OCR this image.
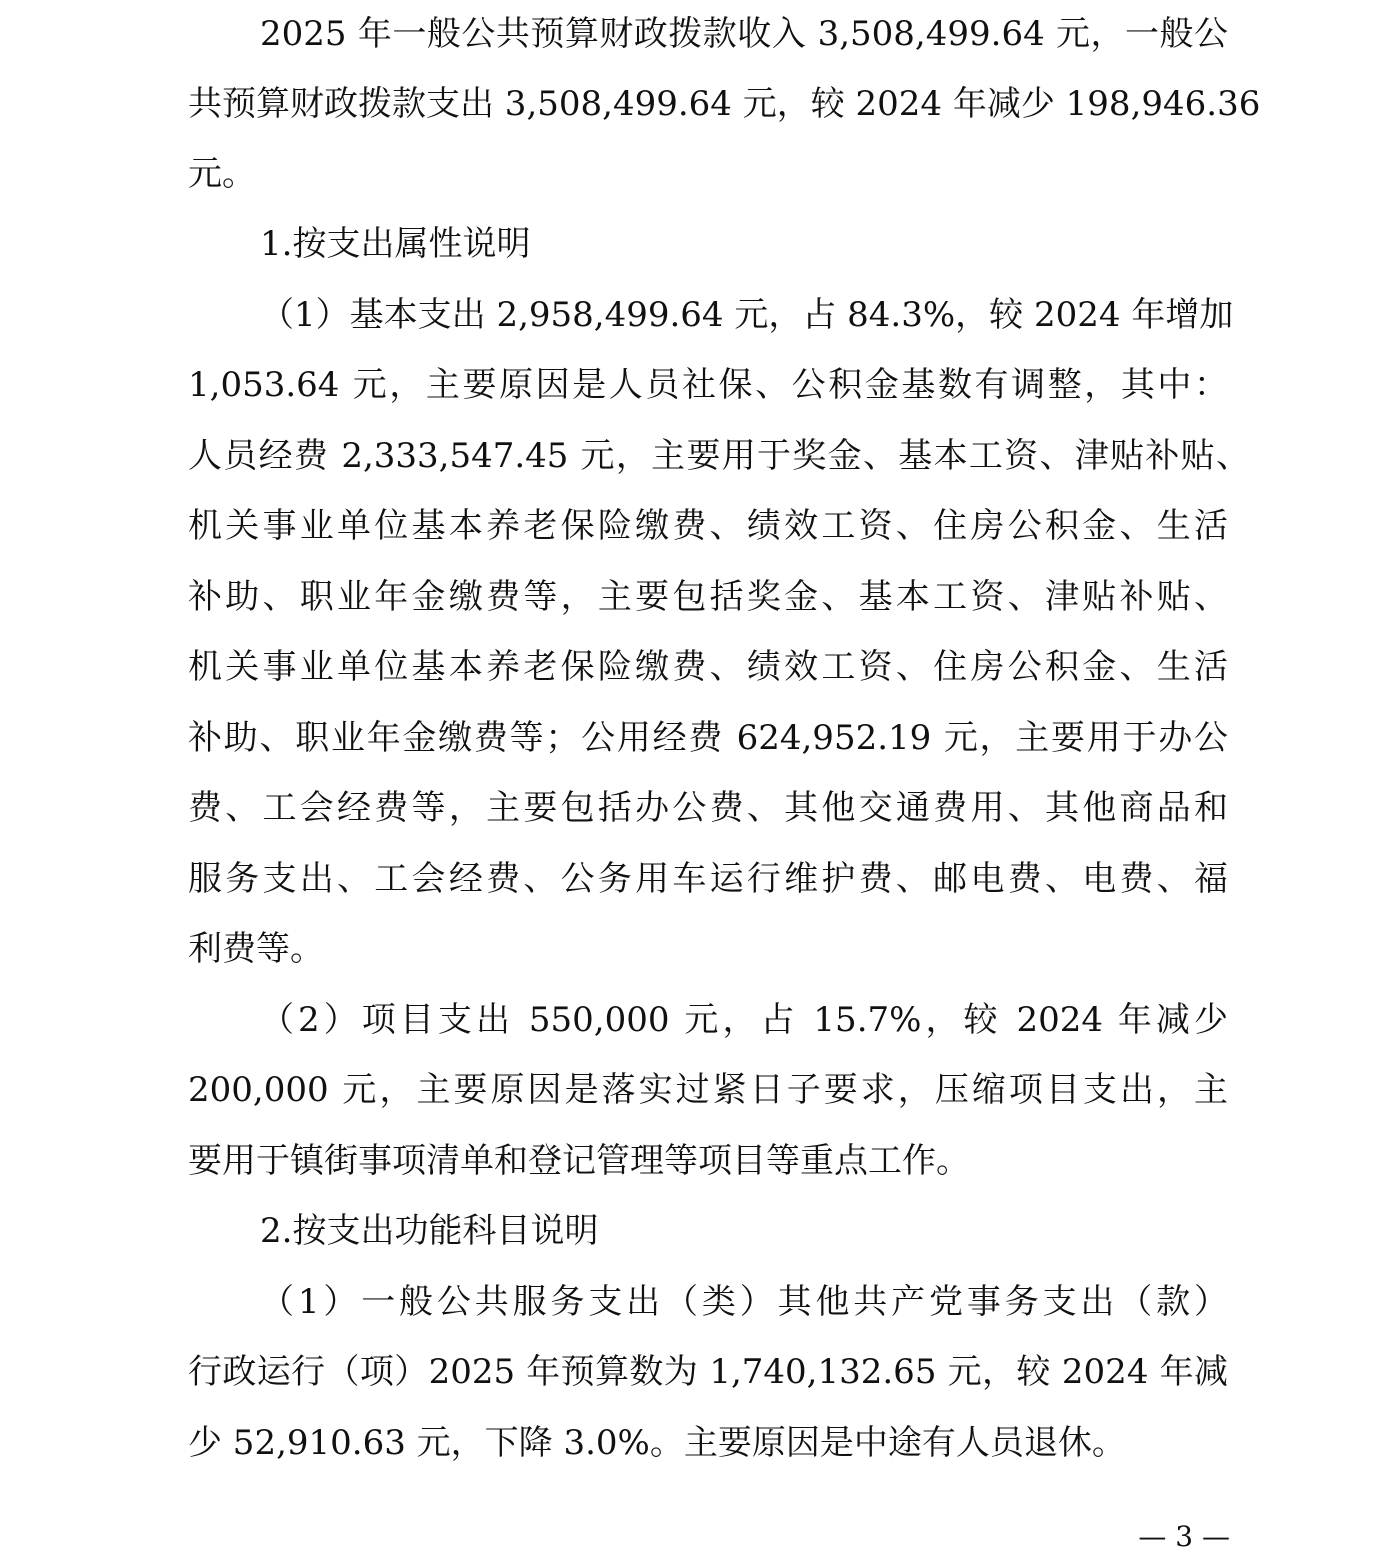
2025 年一般公共预算财政拨款收入 3,508,499.64 元，一般公
共预算财政拨款支出 3,508,499.64 元，较 2024 年减少 198,946.36
元。
1.按支出属性说明
（1）基本支出 2,958,499.64 元，占 84.3%，较 2024 年增加
1,053.64 元，主要原因是人员社保、公积金基数有调整，其中：
人员经费 2,333,547.45 元，主要用于奖金、基本工资、津贴补贴、
机关事业单位基本养老保险缴费、绩效工资、住房公积金、生活
补助、职业年金缴费等，主要包括奖金、基本工资、津贴补贴、
机关事业单位基本养老保险缴费、绩效工资、住房公积金、生活
补助、职业年金缴费等；公用经费 624,952.19 元，主要用于办公
费、工会经费等，主要包括办公费、其他交通费用、其他商品和
服务支出、工会经费、公务用车运行维护费、邮电费、电费、福
利费等。
（2）项目支出 550,000 元，占 15.7%，较 2024 年减少
200,000 元，主要原因是落实过紧日子要求，压缩项目支出，主
要用于镇街事项清单和登记管理等项目等重点工作。
2.按支出功能科目说明
（1）一般公共服务支出（类）其他共产党事务支出（款）
行政运行（项）2025 年预算数为 1,740,132.65 元，较 2024 年减
少 52,910.63 元，下降 3.0%。主要原因是中途有人员退休。
— 3 —
